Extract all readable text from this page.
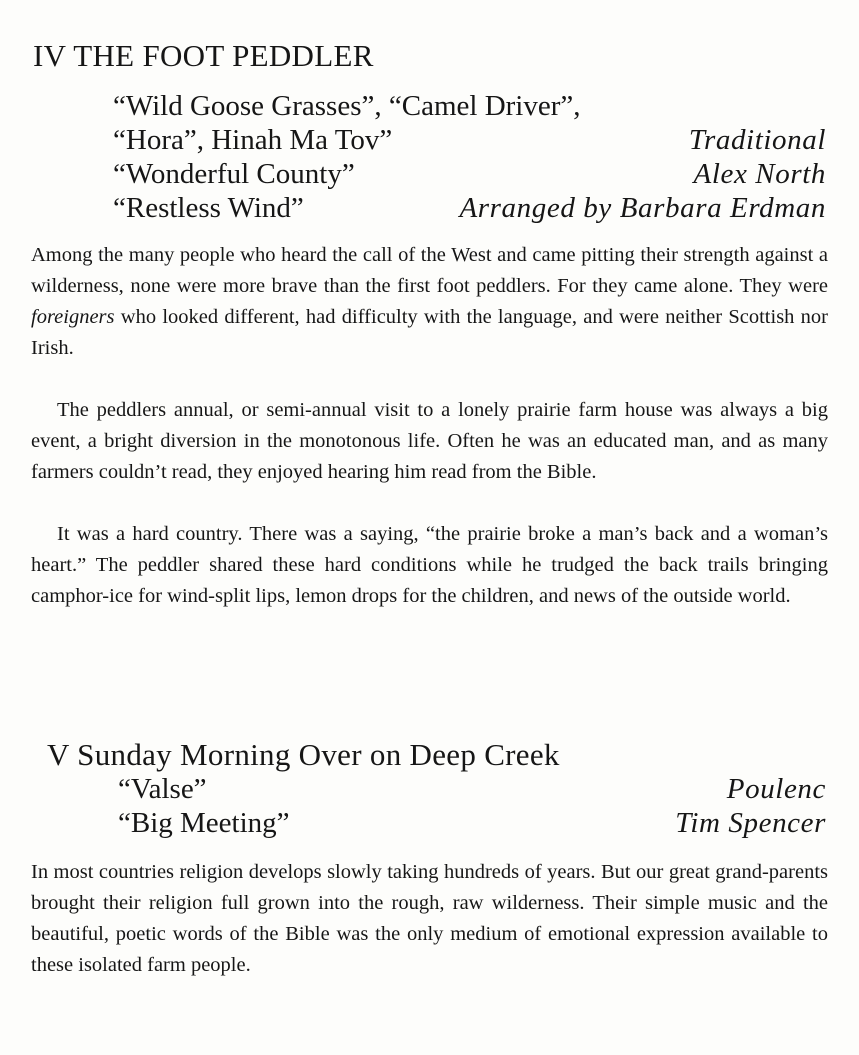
IV THE FOOT PEDDLER
“Wild Goose Grasses”, “Camel Driver”,
“Hora”, Hinah Ma Tov”	Traditional
“Wonderful County”	Alex North
“Restless Wind”	Arranged by Barbara Erdman

Among the many people who heard the call of the West and came pitting their strength against a wilderness, none were more brave than the first foot peddlers. For they came alone. They were foreigners who looked different, had difficulty with the language, and were neither Scottish nor Irish.

The peddlers annual, or semi-annual visit to a lonely prairie farm house was always a big event, a bright diversion in the monotonous life. Often he was an educated man, and as many farmers couldn’t read, they enjoyed hearing him read from the Bible.

It was a hard country. There was a saying, “the prairie broke a man’s back and a woman’s heart.” The peddler shared these hard conditions while he trudged the back trails bringing camphor-ice for wind-split lips, lemon drops for the children, and news of the outside world.

V Sunday Morning Over on Deep Creek
“Valse”	Poulenc
“Big Meeting”	Tim Spencer

In most countries religion develops slowly taking hundreds of years. But our great grand-parents brought their religion full grown into the rough, raw wilderness. Their simple music and the beautiful, poetic words of the Bible was the only medium of emotional expression available to these isolated farm people.
